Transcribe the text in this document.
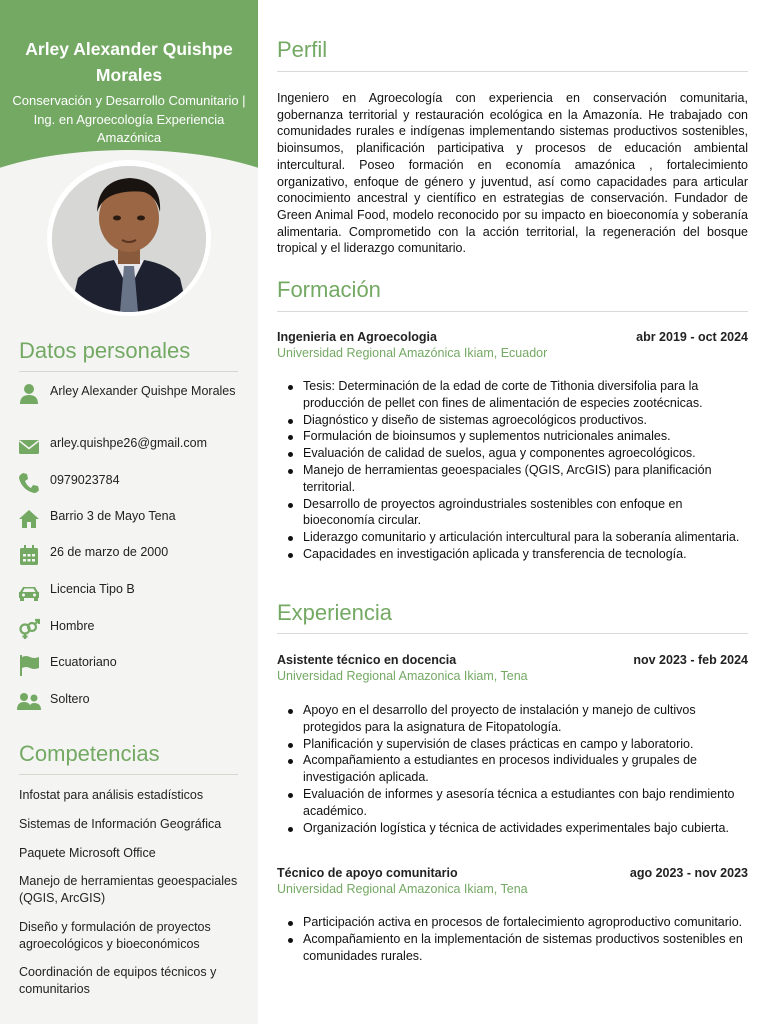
Arley Alexander Quishpe Morales
Conservación y Desarrollo Comunitario | Ing. en Agroecología Experiencia Amazónica
Datos personales
Arley Alexander Quishpe Morales
arley.quishpe26@gmail.com
0979023784
Barrio 3 de Mayo Tena
26 de marzo de 2000
Licencia Tipo B
Hombre
Ecuatoriano
Soltero
Competencias
Infostat para análisis estadísticos
Sistemas de Información Geográfica
Paquete Microsoft Office
Manejo de herramientas geoespaciales (QGIS, ArcGIS)
Diseño y formulación de proyectos agroecológicos y bioeconómicos
Coordinación de equipos técnicos y comunitarios
Perfil
Ingeniero en Agroecología con experiencia en conservación comunitaria, gobernanza territorial y restauración ecológica en la Amazonía. He trabajado con comunidades rurales e indígenas implementando sistemas productivos sostenibles, bioinsumos, planificación participativa y procesos de educación ambiental intercultural. Poseo formación en economía amazónica , fortalecimiento organizativo, enfoque de género y juventud, así como capacidades para articular conocimiento ancestral y científico en estrategias de conservación. Fundador de Green Animal Food, modelo reconocido por su impacto en bioeconomía y soberanía alimentaria. Comprometido con la acción territorial, la regeneración del bosque tropical y el liderazgo comunitario.
Formación
Ingenieria en Agroecologia	abr 2019 - oct 2024
Universidad Regional Amazónica Ikiam, Ecuador
Tesis: Determinación de la edad de corte de Tithonia diversifolia para la producción de pellet con fines de alimentación de especies zootécnicas.
Diagnóstico y diseño de sistemas agroecológicos productivos.
Formulación de bioinsumos y suplementos nutricionales animales.
Evaluación de calidad de suelos, agua y componentes agroecológicos.
Manejo de herramientas geoespaciales (QGIS, ArcGIS) para planificación territorial.
Desarrollo de proyectos agroindustriales sostenibles con enfoque en bioeconomía circular.
Liderazgo comunitario y articulación intercultural para la soberanía alimentaria.
Capacidades en investigación aplicada y transferencia de tecnología.
Experiencia
Asistente técnico en docencia	nov 2023 - feb 2024
Universidad Regional Amazonica Ikiam, Tena
Apoyo en el desarrollo del proyecto de instalación y manejo de cultivos protegidos para la asignatura de Fitopatología.
Planificación y supervisión de clases prácticas en campo y laboratorio.
Acompañamiento a estudiantes en procesos individuales y grupales de investigación aplicada.
Evaluación de informes y asesoría técnica a estudiantes con bajo rendimiento académico.
Organización logística y técnica de actividades experimentales bajo cubierta.
Técnico de apoyo comunitario	ago 2023 - nov 2023
Universidad Regional Amazonica Ikiam, Tena
Participación activa en procesos de fortalecimiento agroproductivo comunitario.
Acompañamiento en la implementación de sistemas productivos sostenibles en comunidades rurales.
